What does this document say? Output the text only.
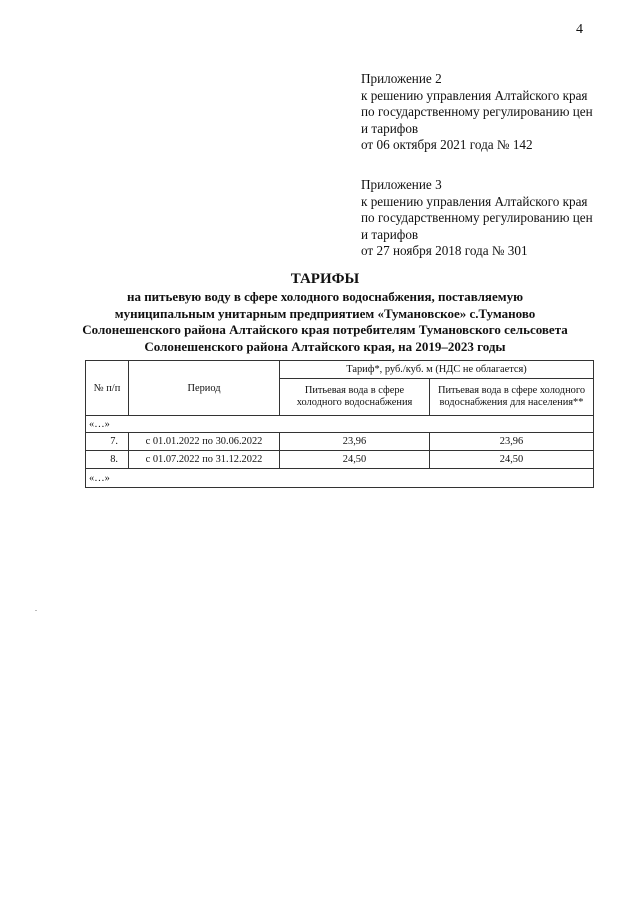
4
Приложение 2
к решению управления Алтайского края
по государственному регулированию цен
и тарифов
от 06 октября 2021 года № 142
Приложение 3
к решению управления Алтайского края
по государственному регулированию цен
и тарифов
от 27 ноября 2018 года № 301
ТАРИФЫ
на питьевую воду в сфере холодного водоснабжения, поставляемую
муниципальным унитарным предприятием «Тумановское» с.Туманово
Солонешенского района Алтайского края потребителям Тумановского сельсовета
Солонешенского района Алтайского края, на 2019–2023 годы
№ п/п	Период	Тариф*, руб./куб. м (НДС не облагается)	
		Питьевая вода в сфере холодного водоснабжения	Питьевая вода в сфере холодного водоснабжения для населения**
«…»			
7.	с 01.01.2022 по 30.06.2022	23,96	23,96
8.	с 01.07.2022 по 31.12.2022	24,50	24,50
«…»			
